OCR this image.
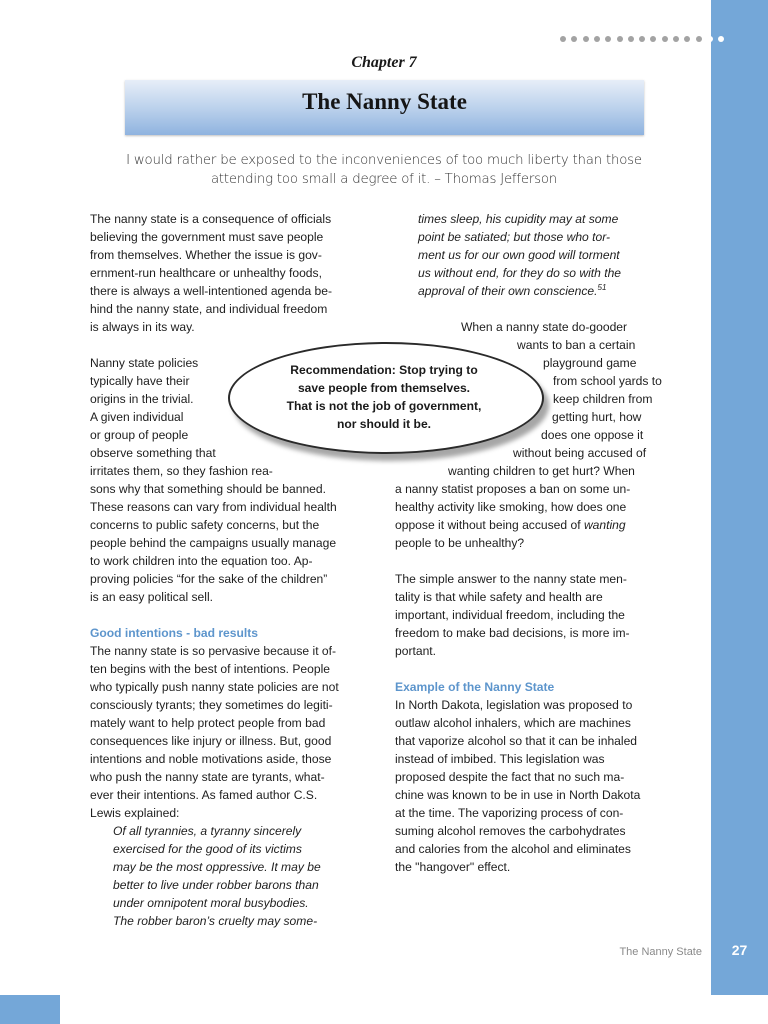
Chapter 7
The Nanny State
I would rather be exposed to the inconveniences of too much liberty than those
attending too small a degree of it. – Thomas Jefferson
The nanny state is a consequence of officials
believing the government must save people
from themselves. Whether the issue is gov-
ernment-run healthcare or unhealthy foods,
there is always a well-intentioned agenda be-
hind the nanny state, and individual freedom
is always in its way.
Nanny state policies
typically have their
origins in the trivial.
A given individual
or group of people
observe something that
irritates them, so they fashion rea-
sons why that something should be banned.
These reasons can vary from individual health
concerns to public safety concerns, but the
people behind the campaigns usually manage
to work children into the equation too. Ap-
proving policies “for the sake of the children”
is an easy political sell.
Good intentions - bad results
The nanny state is so pervasive because it of-
ten begins with the best of intentions. People
who typically push nanny state policies are not
consciously tyrants; they sometimes do legiti-
mately want to help protect people from bad
consequences like injury or illness. But, good
intentions and noble motivations aside, those
who push the nanny state are tyrants, what-
ever their intentions. As famed author C.S.
Lewis explained:
Of all tyrannies, a tyranny sincerely
exercised for the good of its victims
may be the most oppressive. It may be
better to live under robber barons than
under omnipotent moral busybodies.
The robber baron’s cruelty may some-
times sleep, his cupidity may at some
point be satiated; but those who tor-
ment us for our own good will torment
us without end, for they do so with the
approval of their own conscience.$^{51}$
When a nanny state do-gooder
wants to ban a certain
playground game
from school yards to
keep children from
getting hurt, how
does one oppose it
without being accused of
wanting children to get hurt? When
a nanny statist proposes a ban on some un-
healthy activity like smoking, how does one
oppose it without being accused of wanting
people to be unhealthy?
The simple answer to the nanny state men-
tality is that while safety and health are
important, individual freedom, including the
freedom to make bad decisions, is more im-
portant.
Example of the Nanny State
In North Dakota, legislation was proposed to
outlaw alcohol inhalers, which are machines
that vaporize alcohol so that it can be inhaled
instead of imbibed. This legislation was
proposed despite the fact that no such ma-
chine was known to be in use in North Dakota
at the time. The vaporizing process of con-
suming alcohol removes the carbohydrates
and calories from the alcohol and eliminates
the "hangover" effect.
Recommendation: Stop trying to
save people from themselves.
That is not the job of government,
nor should it be.
The Nanny State	27
